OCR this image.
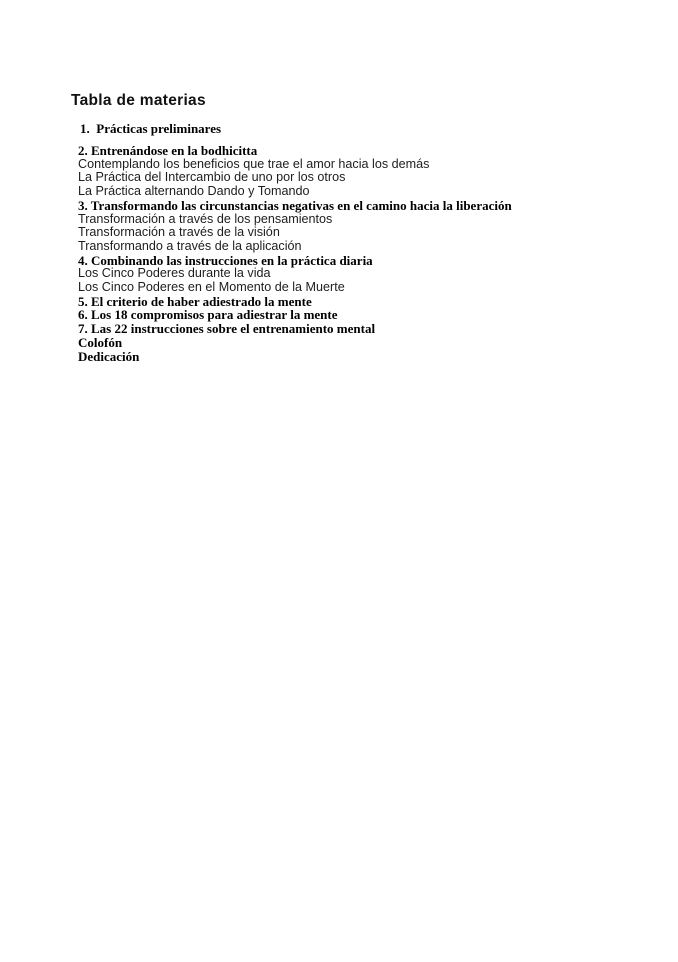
Tabla de materias
1.  Prácticas preliminares
2. Entrenándose en la bodhicitta
Contemplando los beneficios que trae el amor hacia los demás
La Práctica del Intercambio de uno por los otros
La Práctica alternando Dando y Tomando
3. Transformando las circunstancias negativas en el camino hacia la liberación
Transformación a través de los pensamientos
Transformación a través de la visión
Transformando a través de la aplicación
4. Combinando las instrucciones en la práctica diaria
Los Cinco Poderes durante la vida
Los Cinco Poderes en el Momento de la Muerte
5. El criterio de haber adiestrado la mente
6. Los 18 compromisos para adiestrar la mente
7. Las 22 instrucciones sobre el entrenamiento mental
Colofón
Dedicación
